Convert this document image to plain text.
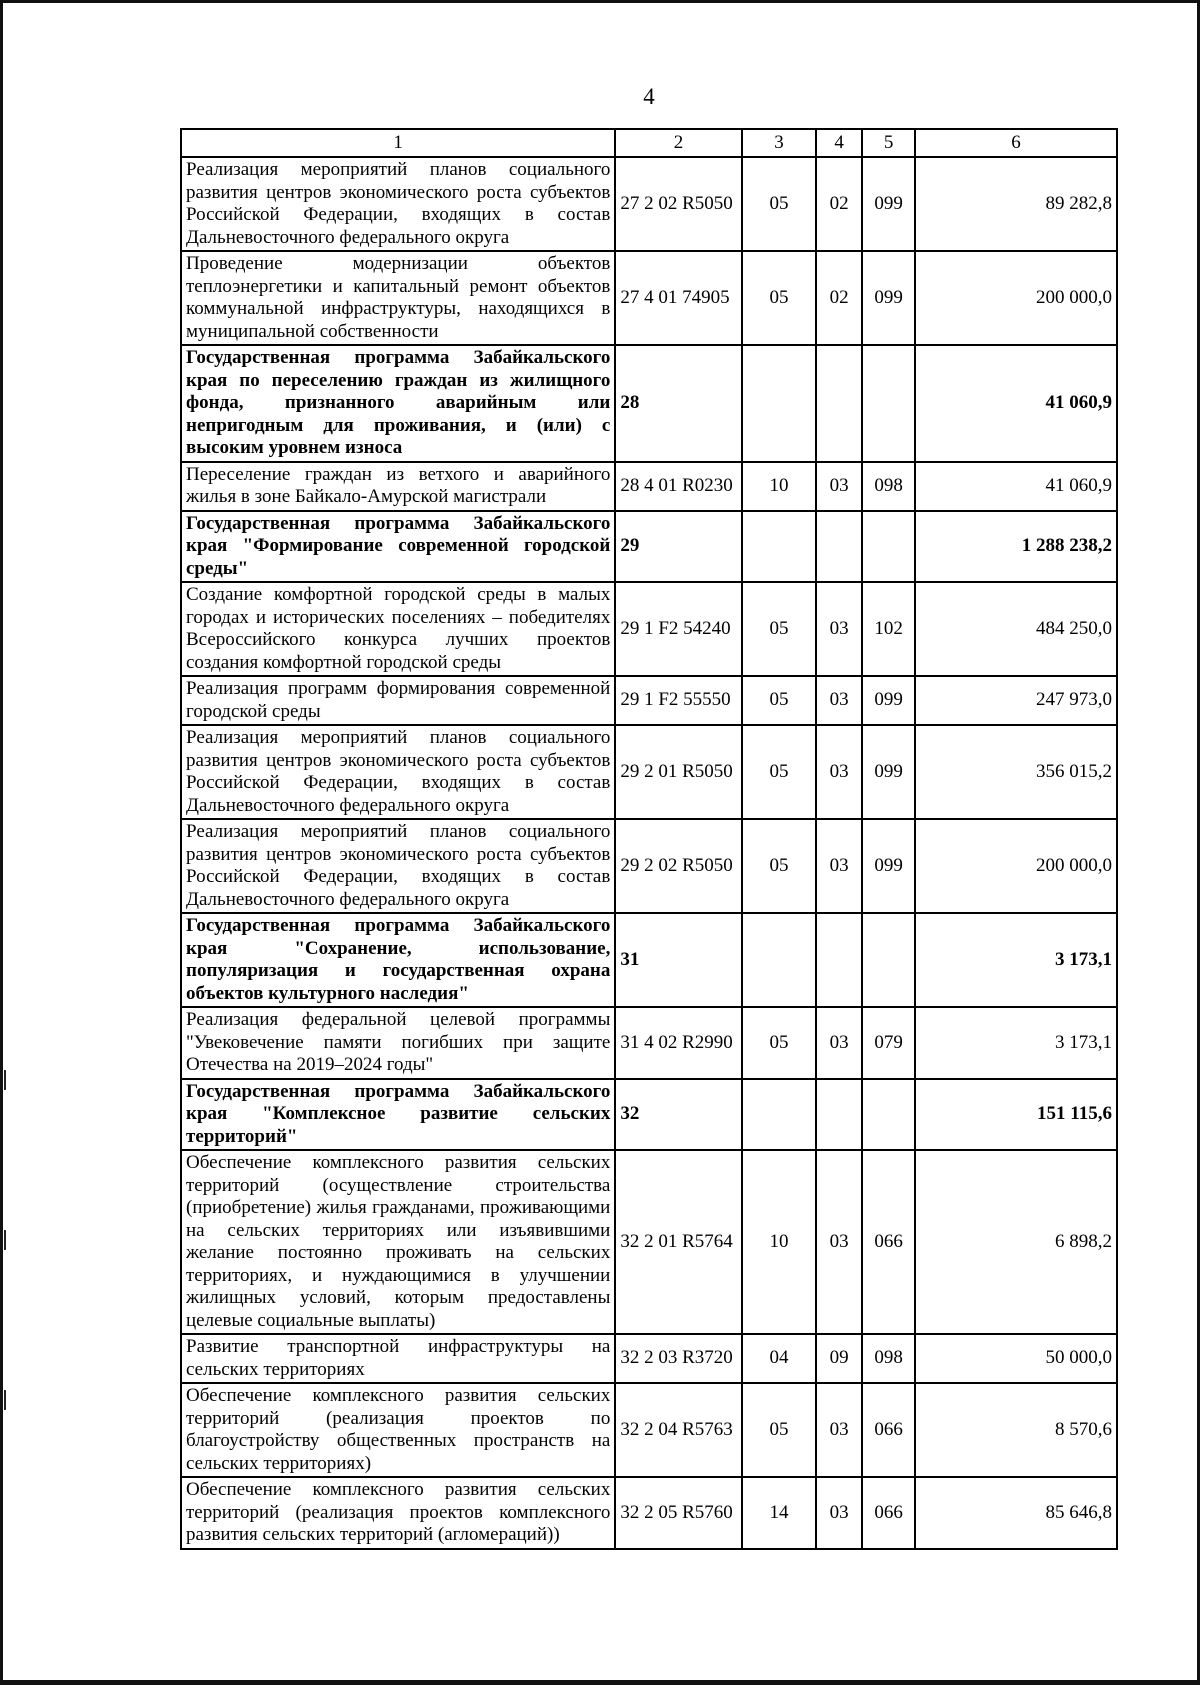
4
1	2	3	4	5	6
Реализация мероприятий планов социального развития центров экономического роста субъектов Российской Федерации, входящих в состав Дальневосточного федерального округа	27 2 02 R5050	05	02	099	89 282,8
Проведение модернизации объектов теплоэнергетики и капитальный ремонт объектов коммунальной инфраструктуры, находящихся в муниципальной собственности	27 4 01 74905	05	02	099	200 000,0
Государственная программа Забайкальского края по переселению граждан из жилищного фонда, признанного аварийным или непригодным для проживания, и (или) с высоким уровнем износа	28				41 060,9
Переселение граждан из ветхого и аварийного жилья в зоне Байкало-Амурской магистрали	28 4 01 R0230	10	03	098	41 060,9
Государственная программа Забайкальского края "Формирование современной городской среды"	29				1 288 238,2
Создание комфортной городской среды в малых городах и исторических поселениях – победителях Всероссийского конкурса лучших проектов создания комфортной городской среды	29 1 F2 54240	05	03	102	484 250,0
Реализация программ формирования современной городской среды	29 1 F2 55550	05	03	099	247 973,0
Реализация мероприятий планов социального развития центров экономического роста субъектов Российской Федерации, входящих в состав Дальневосточного федерального округа	29 2 01 R5050	05	03	099	356 015,2
Реализация мероприятий планов социального развития центров экономического роста субъектов Российской Федерации, входящих в состав Дальневосточного федерального округа	29 2 02 R5050	05	03	099	200 000,0
Государственная программа Забайкальского края "Сохранение, использование, популяризация и государственная охрана объектов культурного наследия"	31				3 173,1
Реализация федеральной целевой программы "Увековечение памяти погибших при защите Отечества на 2019–2024 годы"	31 4 02 R2990	05	03	079	3 173,1
Государственная программа Забайкальского края "Комплексное развитие сельских территорий"	32				151 115,6
Обеспечение комплексного развития сельских территорий (осуществление строительства (приобретение) жилья гражданами, проживающими на сельских территориях или изъявившими желание постоянно проживать на сельских территориях, и нуждающимися в улучшении жилищных условий, которым предоставлены целевые социальные выплаты)	32 2 01 R5764	10	03	066	6 898,2
Развитие транспортной инфраструктуры на сельских территориях	32 2 03 R3720	04	09	098	50 000,0
Обеспечение комплексного развития сельских территорий (реализация проектов по благоустройству общественных пространств на сельских территориях)	32 2 04 R5763	05	03	066	8 570,6
Обеспечение комплексного развития сельских территорий (реализация проектов комплексного развития сельских территорий (агломераций))	32 2 05 R5760	14	03	066	85 646,8
